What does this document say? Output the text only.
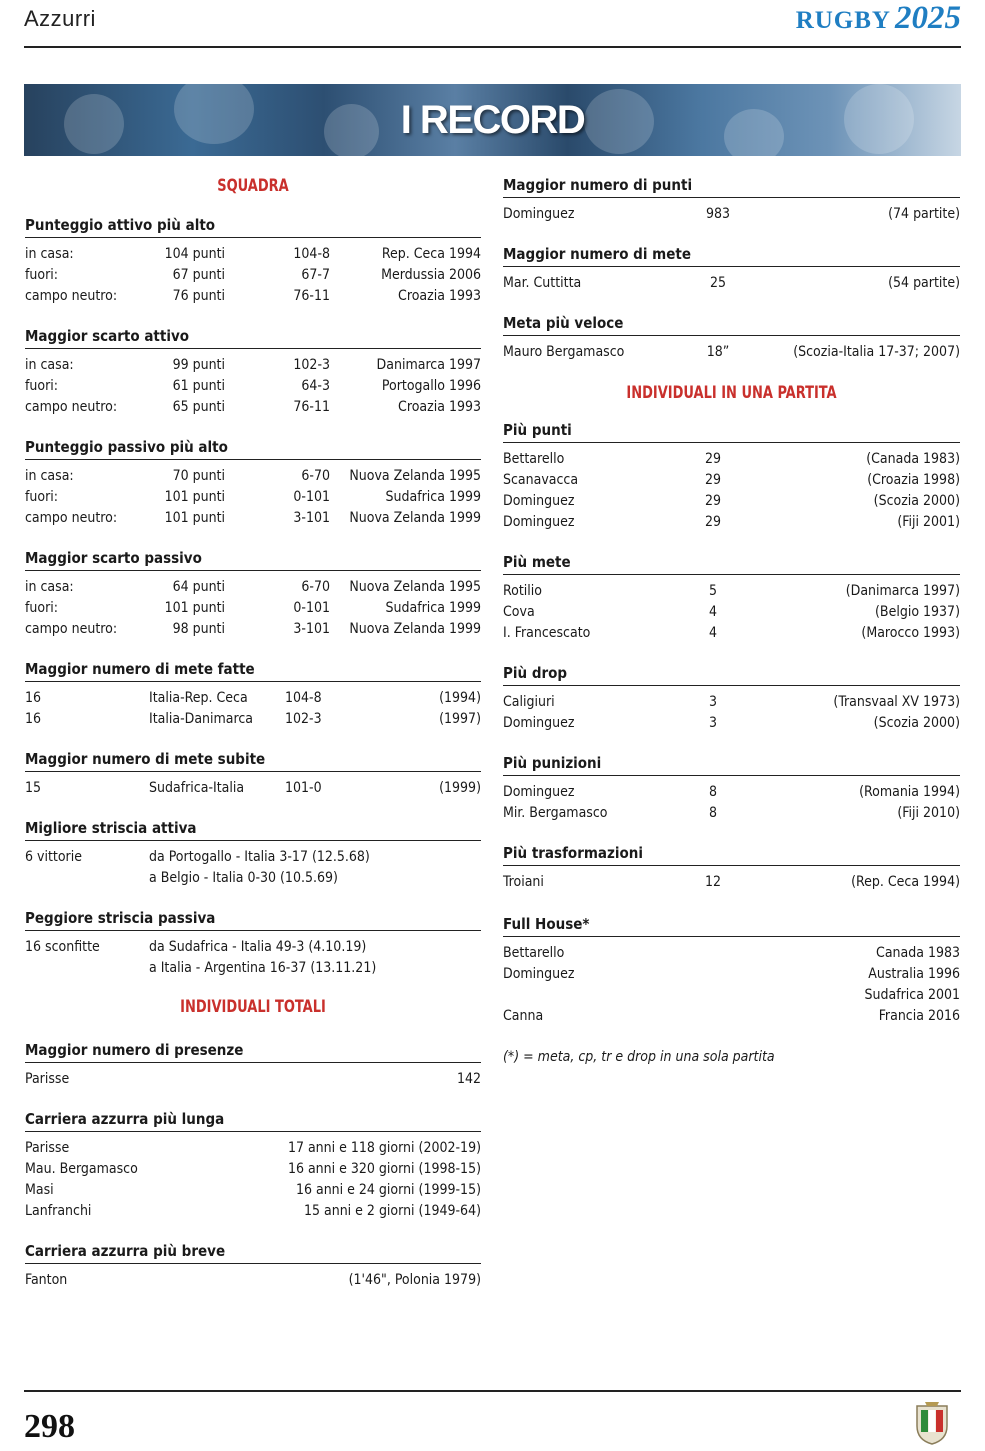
Azzurri	RUGBY 2025
I RECORD
SQUADRA
Punteggio attivo più alto
in casa:	104 punti	104-8	Rep. Ceca 1994
fuori:	67 punti	67-7	Merdussia 2006
campo neutro:	76 punti	76-11	Croazia 1993
Maggior scarto attivo
in casa:	99 punti	102-3	Danimarca 1997
fuori:	61 punti	64-3	Portogallo 1996
campo neutro:	65 punti	76-11	Croazia 1993
Punteggio passivo più alto
in casa:	70 punti	6-70	Nuova Zelanda 1995
fuori:	101 punti	0-101	Sudafrica 1999
campo neutro:	101 punti	3-101	Nuova Zelanda 1999
Maggior scarto passivo
in casa:	64 punti	6-70	Nuova Zelanda 1995
fuori:	101 punti	0-101	Sudafrica 1999
campo neutro:	98 punti	3-101	Nuova Zelanda 1999
Maggior numero di mete fatte
16	Italia-Rep. Ceca	104-8	(1994)
16	Italia-Danimarca	102-3	(1997)
Maggior numero di mete subite
15	Sudafrica-Italia	101-0	(1999)
Migliore striscia attiva
6 vittorie	da Portogallo - Italia 3-17 (12.5.68)
a Belgio - Italia 0-30 (10.5.69)
Peggiore striscia passiva
16 sconfitte	da Sudafrica - Italia 49-3 (4.10.19)
a Italia - Argentina 16-37 (13.11.21)
INDIVIDUALI TOTALI
Maggior numero di presenze
Parisse	142
Carriera azzurra più lunga
Parisse	17 anni e 118 giorni (2002-19)
Mau. Bergamasco	16 anni e 320 giorni (1998-15)
Masi	16 anni e 24 giorni (1999-15)
Lanfranchi	15 anni e 2 giorni (1949-64)
Carriera azzurra più breve
Fanton	(1'46", Polonia 1979)
Maggior numero di punti
Dominguez	983	(74 partite)
Maggior numero di mete
Mar. Cuttitta	25	(54 partite)
Meta più veloce
Mauro Bergamasco	18”	(Scozia-Italia 17-37; 2007)
INDIVIDUALI IN UNA PARTITA
Più punti
Bettarello	29	(Canada 1983)
Scanavacca	29	(Croazia 1998)
Dominguez	29	(Scozia 2000)
Dominguez	29	(Fiji 2001)
Più mete
Rotilio	5	(Danimarca 1997)
Cova	4	(Belgio 1937)
I. Francescato	4	(Marocco 1993)
Più drop
Caligiuri	3	(Transvaal XV 1973)
Dominguez	3	(Scozia 2000)
Più punizioni
Dominguez	8	(Romania 1994)
Mir. Bergamasco	8	(Fiji 2010)
Più trasformazioni
Troiani	12	(Rep. Ceca 1994)
Full House*
Bettarello	Canada 1983
Dominguez	Australia 1996
Sudafrica 2001
Canna	Francia 2016
(*) = meta, cp, tr e drop in una sola partita
298
